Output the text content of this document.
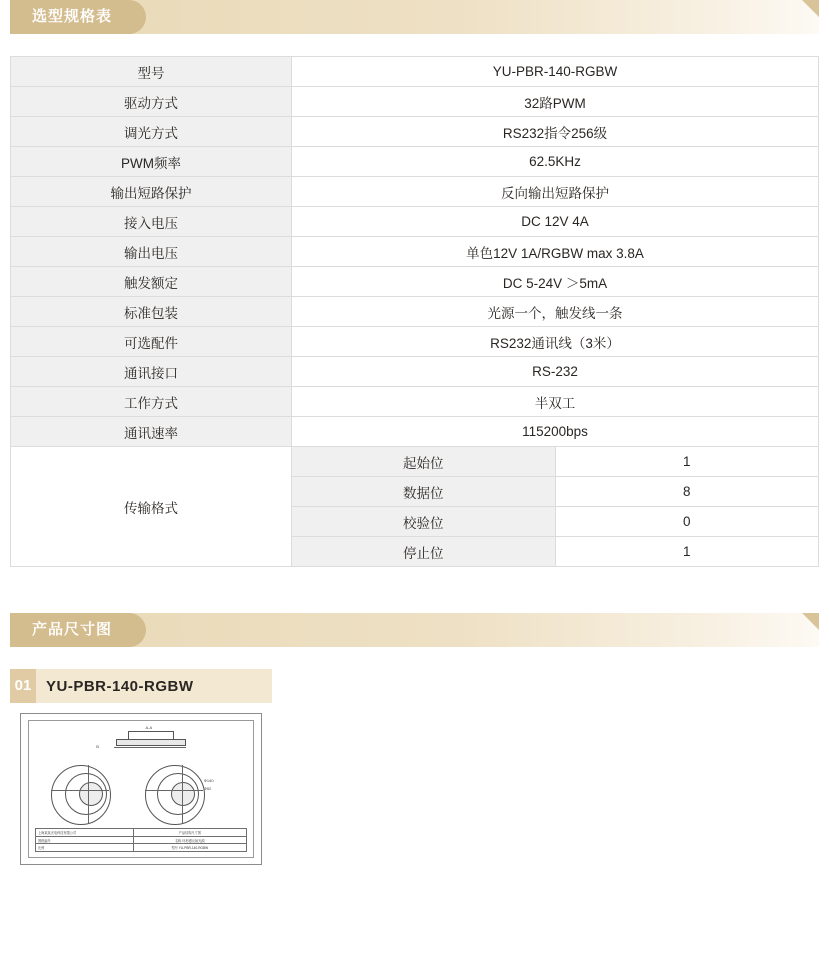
选型规格表
型号	YU-PBR-140-RGBW	
驱动方式	32路PWM	
调光方式	RS232指令256级	
PWM频率	62.5KHz	
输出短路保护	反向输出短路保护	
接入电压	DC 12V 4A	
输出电压	单色12V 1A/RGBW max 3.8A	
触发额定	DC 5-24V ＞5mA	
标准包装	光源一个，触发线一条	
可选配件	RS232通讯线（3米）	
通讯接口	RS-232	
工作方式	半双工	
通讯速率	115200bps	
传输格式	起始位	1
	数据位	8
	校验位	0
	停止位	1
产品尺寸图
01 YU-PBR-140-RGBW
A-A
B
Φ140
Φ52
上海某某光电科技有限公司
图纸编号
比例
产品结构尺寸图
名称 环形漫反射光源
型号 YU-PBR-140-RGBW
